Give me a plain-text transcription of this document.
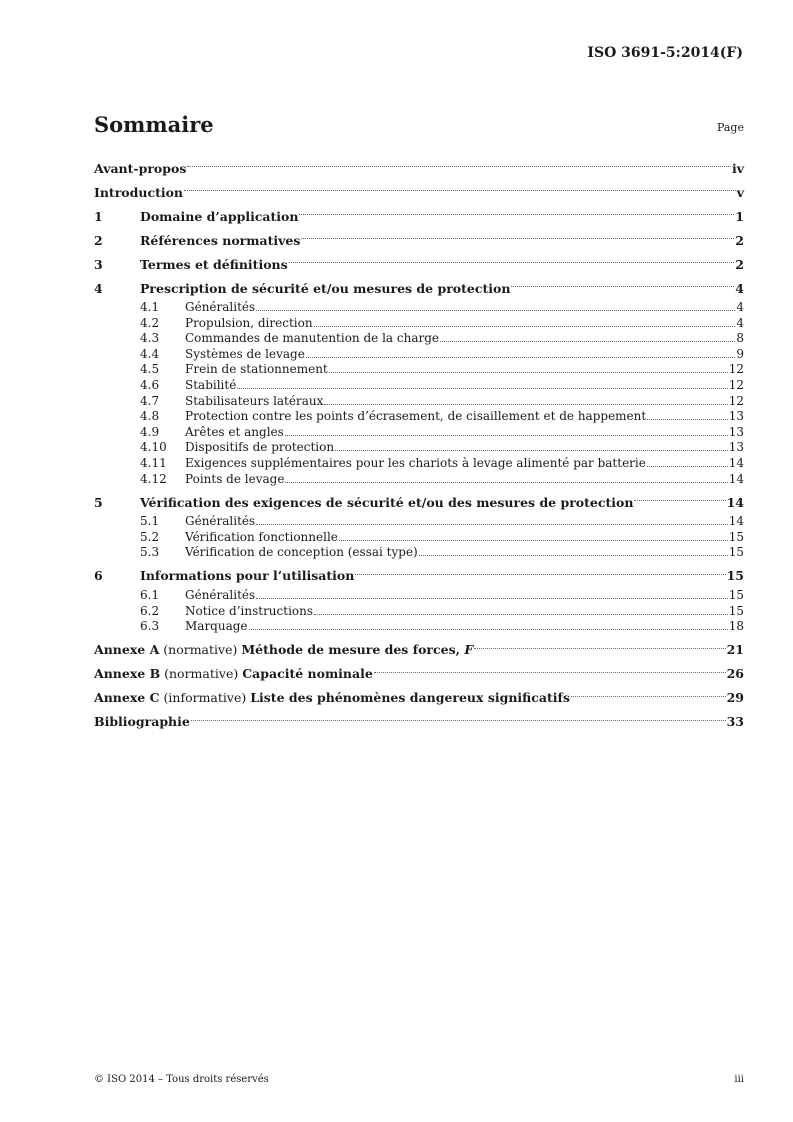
ISO 3691-5:2014(F)
Sommaire	Page
Avant-propos	iv
Introduction	v
1	Domaine d’application	1
2	Références normatives	2
3	Termes et définitions	2
4	Prescription de sécurité et/ou mesures de protection	4
4.1	Généralités	4
4.2	Propulsion, direction	4
4.3	Commandes de manutention de la charge	8
4.4	Systèmes de levage	9
4.5	Frein de stationnement	12
4.6	Stabilité	12
4.7	Stabilisateurs latéraux	12
4.8	Protection contre les points d’écrasement, de cisaillement et de happement	13
4.9	Arêtes et angles	13
4.10	Dispositifs de protection	13
4.11	Exigences supplémentaires pour les chariots à levage alimenté par batterie	14
4.12	Points de levage	14
5	Vérification des exigences de sécurité et/ou des mesures de protection	14
5.1	Généralités	14
5.2	Vérification fonctionnelle	15
5.3	Vérification de conception (essai type)	15
6	Informations pour l’utilisation	15
6.1	Généralités	15
6.2	Notice d’instructions	15
6.3	Marquage	18
Annexe A (normative) Méthode de mesure des forces, F	21
Annexe B (normative) Capacité nominale	26
Annexe C (informative) Liste des phénomènes dangereux significatifs	29
Bibliographie	33
© ISO 2014 – Tous droits réservés	iii
